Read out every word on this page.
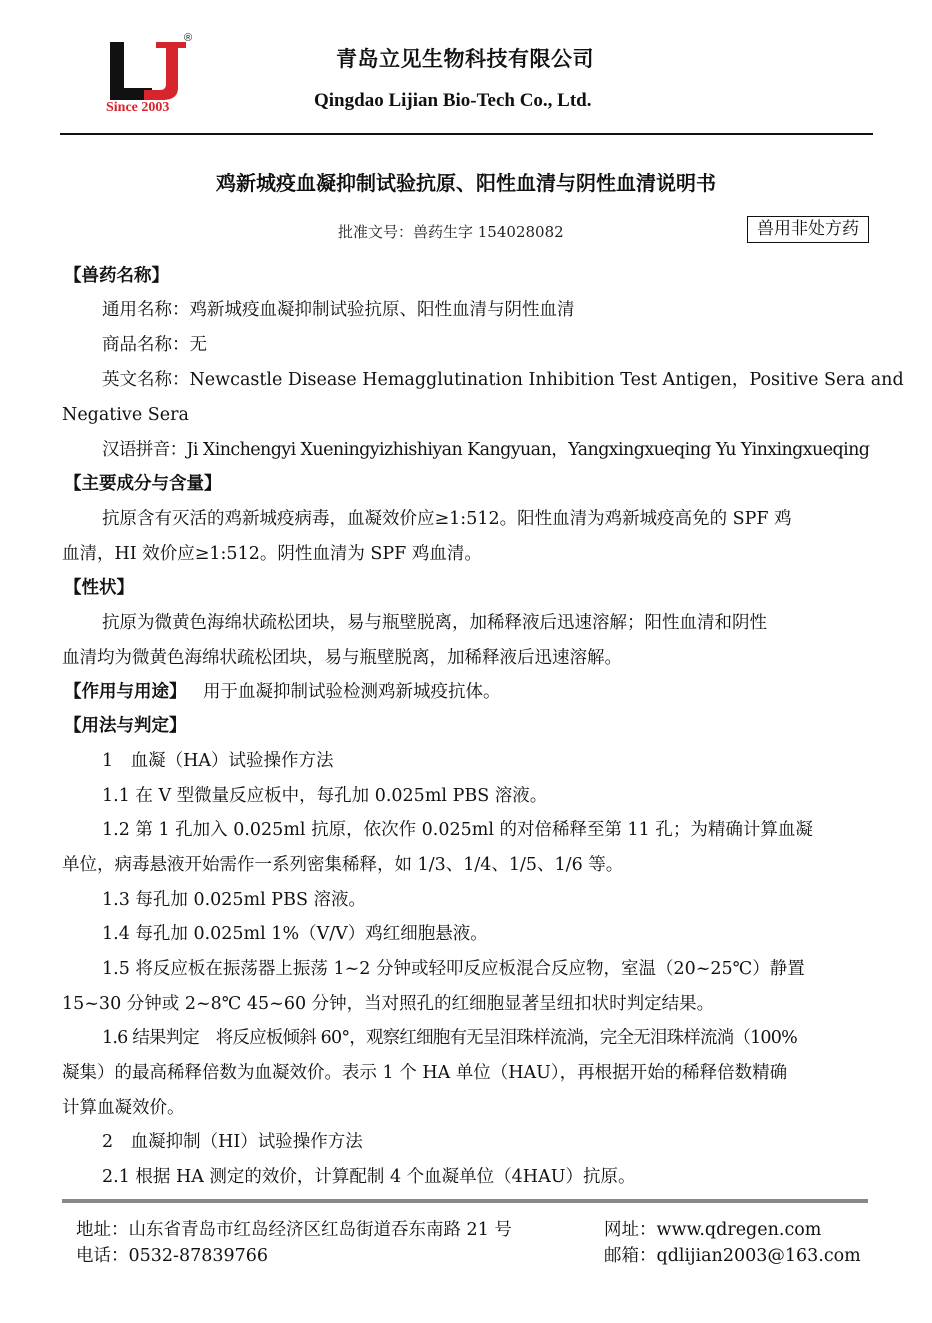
®
Since 2003
青岛立见生物科技有限公司
Qingdao Lijian Bio-Tech Co., Ltd.
鸡新城疫血凝抑制试验抗原、阳性血清与阴性血清说明书
批准文号：兽药生字 154028082	兽用非处方药
【兽药名称】
通用名称：鸡新城疫血凝抑制试验抗原、阳性血清与阴性血清
商品名称：无
英文名称：Newcastle Disease Hemagglutination Inhibition Test Antigen，Positive Sera and
Negative Sera
汉语拼音：Ji Xinchengyi Xueningyizhishiyan Kangyuan，Yangxingxueqing Yu Yinxingxueqing
【主要成分与含量】
抗原含有灭活的鸡新城疫病毒，血凝效价应≥1:512。阳性血清为鸡新城疫高免的 SPF 鸡
血清，HI 效价应≥1:512。阴性血清为 SPF 鸡血清。
【性状】
抗原为微黄色海绵状疏松团块，易与瓶壁脱离，加稀释液后迅速溶解；阳性血清和阴性
血清均为微黄色海绵状疏松团块，易与瓶壁脱离，加稀释液后迅速溶解。
【作用与用途】 用于血凝抑制试验检测鸡新城疫抗体。
【用法与判定】
1　血凝（HA）试验操作方法
1.1 在 V 型微量反应板中，每孔加 0.025ml PBS 溶液。
1.2 第 1 孔加入 0.025ml 抗原，依次作 0.025ml 的对倍稀释至第 11 孔；为精确计算血凝
单位，病毒悬液开始需作一系列密集稀释，如 1/3、1/4、1/5、1/6 等。
1.3 每孔加 0.025ml PBS 溶液。
1.4 每孔加 0.025ml 1%（V/V）鸡红细胞悬液。
1.5 将反应板在振荡器上振荡 1~2 分钟或轻叩反应板混合反应物，室温（20~25℃）静置
15~30 分钟或 2~8℃ 45~60 分钟，当对照孔的红细胞显著呈纽扣状时判定结果。
1.6 结果判定　将反应板倾斜 60°，观察红细胞有无呈泪珠样流淌，完全无泪珠样流淌（100%
凝集）的最高稀释倍数为血凝效价。表示 1 个 HA 单位（HAU），再根据开始的稀释倍数精确
计算血凝效价。
2　血凝抑制（HI）试验操作方法
2.1 根据 HA 测定的效价，计算配制 4 个血凝单位（4HAU）抗原。
地址：山东省青岛市红岛经济区红岛街道吞东南路 21 号
电话：0532-87839766
网址：www.qdregen.com
邮箱：qdlijian2003@163.com
